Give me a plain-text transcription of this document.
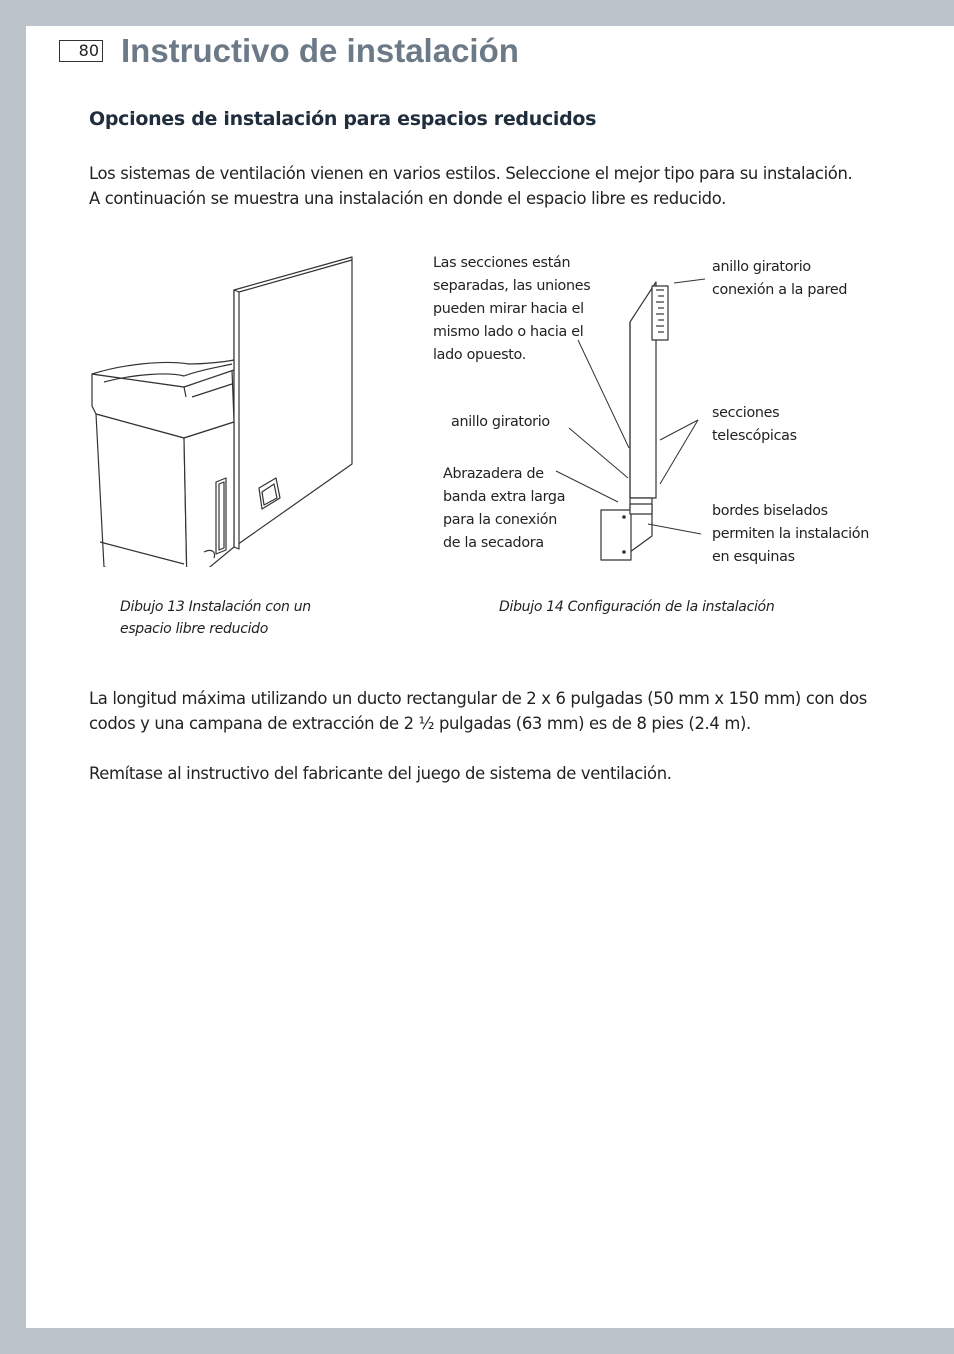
80 Instructivo de instalación
Opciones de instalación para espacios reducidos

Los sistemas de ventilación vienen en varios estilos. Seleccione el mejor tipo para su instalación.

A continuación se muestra una instalación en donde el espacio libre es reducido.

Las secciones están
separadas, las uniones
pueden mirar hacia el
mismo lado o hacia el
lado opuesto.

anillo giratorio

Abrazadera de
banda extra larga
para la conexión
de la secadora

anillo giratorio
conexión a la pared

secciones
telescópicas

bordes biselados
permiten la instalación
en esquinas

Dibujo 13 Instalación con un
espacio libre reducido

Dibujo 14 Configuración de la instalación

La longitud máxima utilizando un ducto rectangular de 2 x 6 pulgadas (50 mm x 150 mm) con dos

codos y una campana de extracción de 2 ½ pulgadas (63 mm) es de 8 pies (2.4 m).

Remítase al instructivo del fabricante del juego de sistema de ventilación.
